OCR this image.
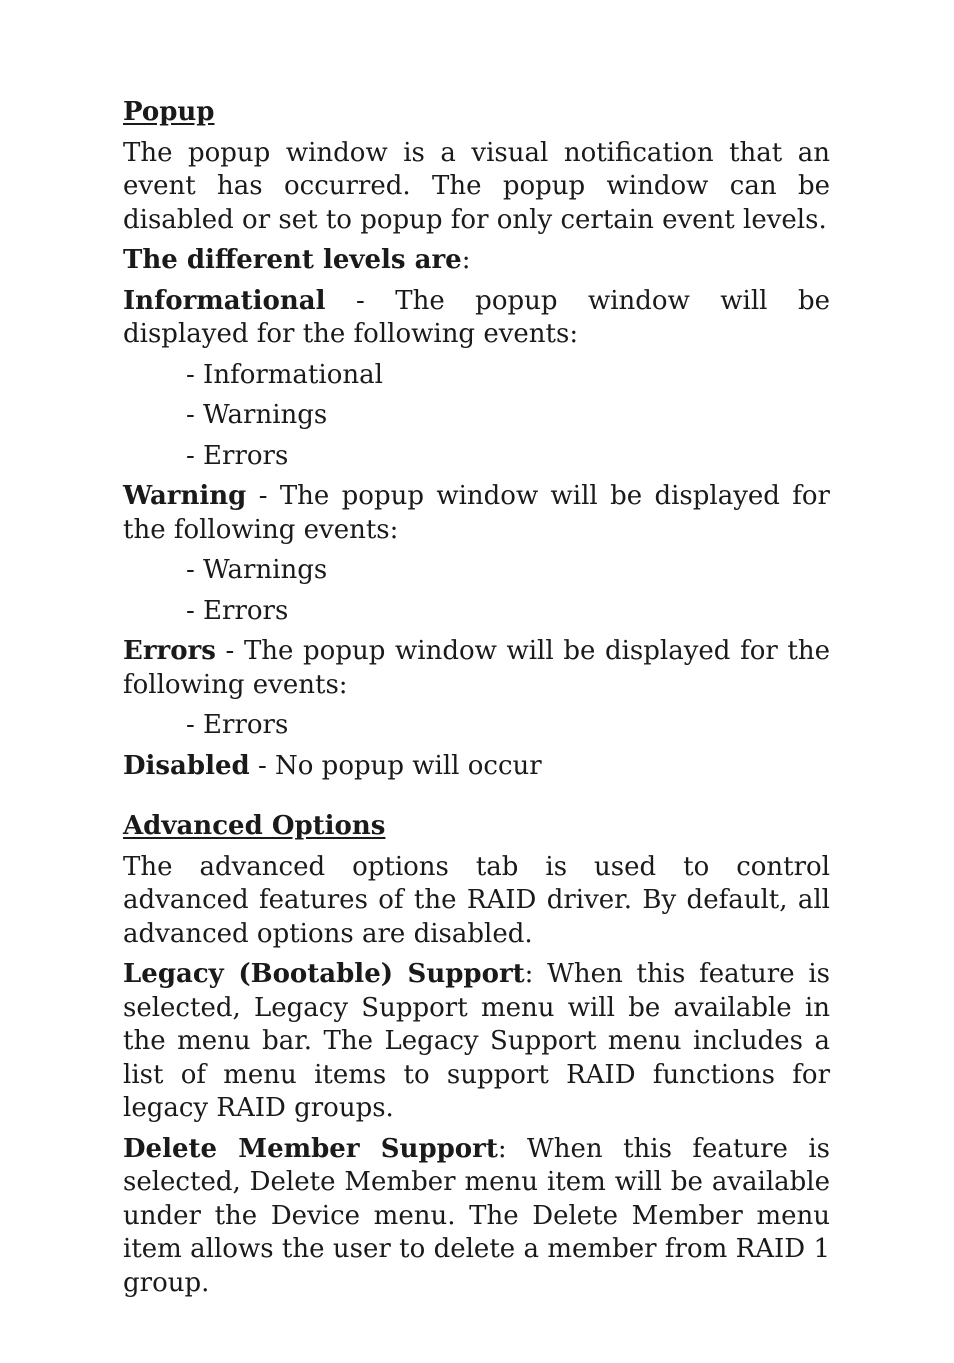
Popup

The popup window is a visual notification that an event has occurred. The popup window can be disabled or set to popup for only certain event levels.

The different levels are:

Informational - The popup window will be displayed for the following events:

- Informational
- Warnings
- Errors

Warning - The popup window will be displayed for the following events:

- Warnings
- Errors

Errors - The popup window will be displayed for the following events:

- Errors

Disabled - No popup will occur

Advanced Options

The advanced options tab is used to control advanced features of the RAID driver. By default, all advanced options are disabled.

Legacy (Bootable) Support: When this feature is selected, Legacy Support menu will be available in the menu bar. The Legacy Support menu includes a list of menu items to support RAID functions for legacy RAID groups.

Delete Member Support: When this feature is selected, Delete Member menu item will be available under the Device menu. The Delete Member menu item allows the user to delete a member from RAID 1 group.
